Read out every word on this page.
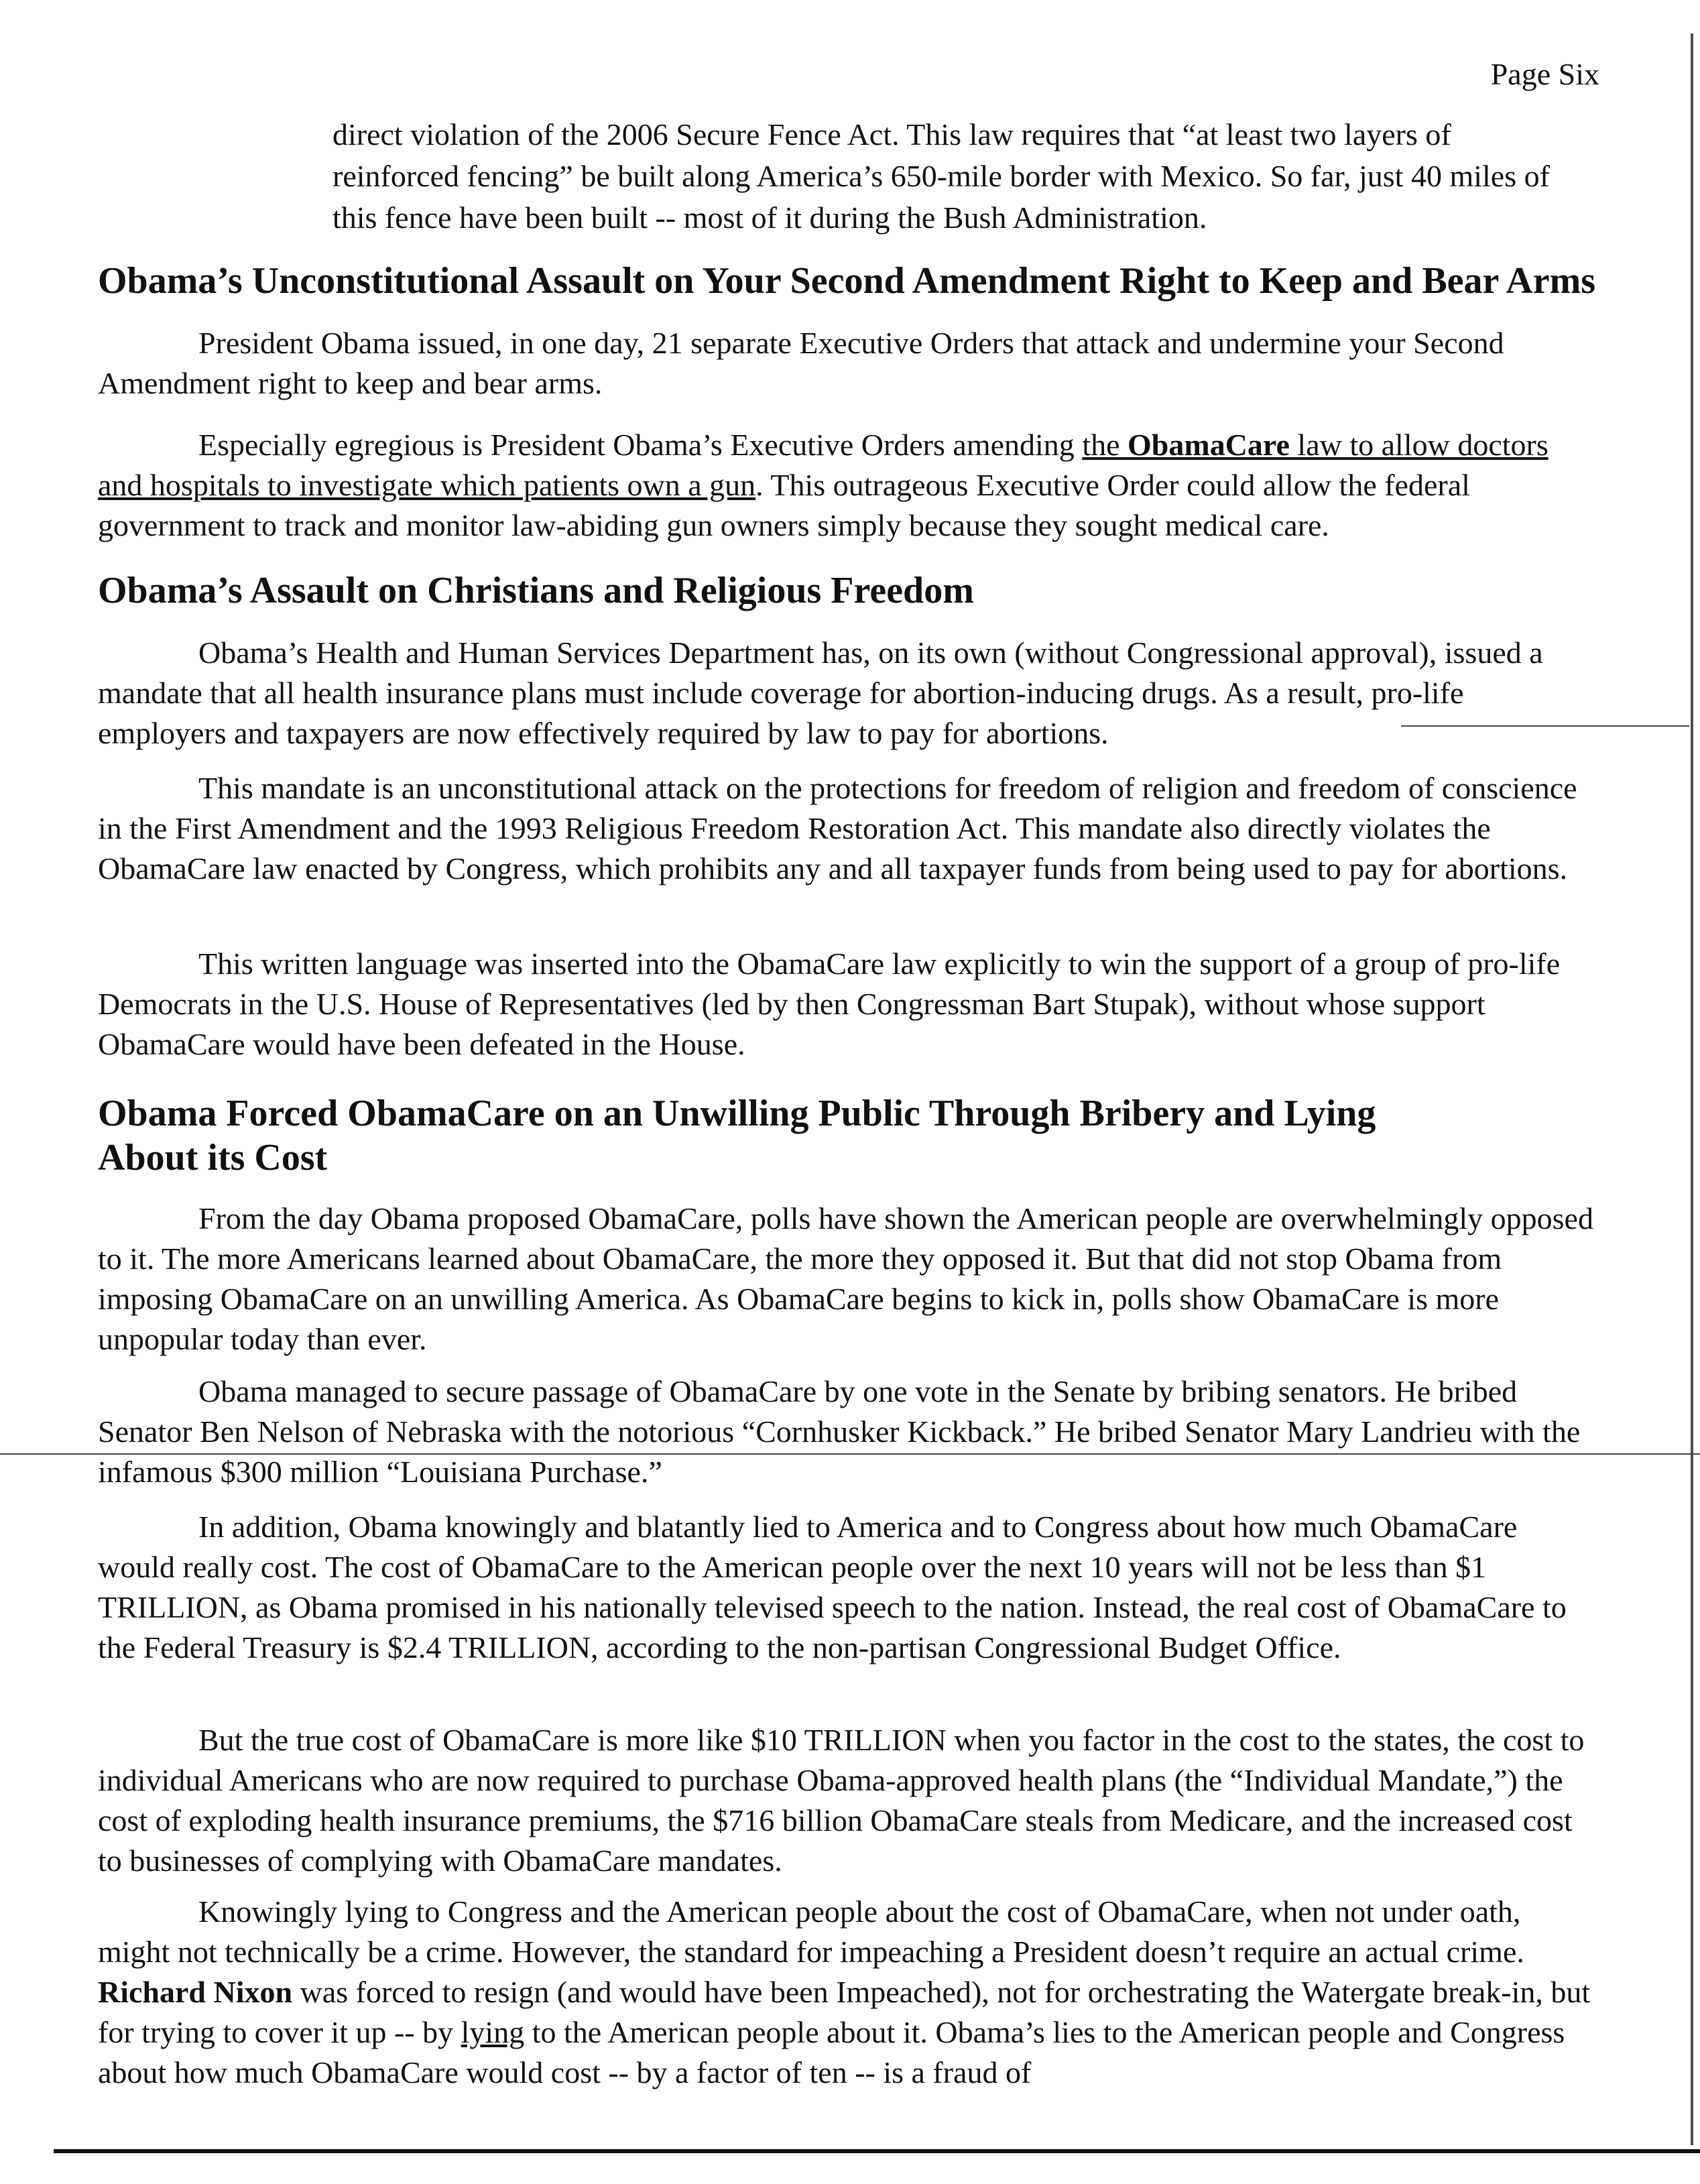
Page Six
direct violation of the 2006 Secure Fence Act. This law requires that “at least two layers of reinforced fencing” be built along America’s 650-mile border with Mexico. So far, just 40 miles of this fence have been built -- most of it during the Bush Administration.
Obama’s Unconstitutional Assault on Your Second Amendment Right to Keep and Bear Arms

President Obama issued, in one day, 21 separate Executive Orders that attack and undermine your Second Amendment right to keep and bear arms.

Especially egregious is President Obama’s Executive Orders amending the ObamaCare law to allow doctors and hospitals to investigate which patients own a gun. This outrageous Executive Order could allow the federal government to track and monitor law-abiding gun owners simply because they sought medical care.

Obama’s Assault on Christians and Religious Freedom

Obama’s Health and Human Services Department has, on its own (without Congressional approval), issued a mandate that all health insurance plans must include coverage for abortion-inducing drugs. As a result, pro-life employers and taxpayers are now effectively required by law to pay for abortions.

This mandate is an unconstitutional attack on the protections for freedom of religion and freedom of conscience in the First Amendment and the 1993 Religious Freedom Restoration Act. This mandate also directly violates the ObamaCare law enacted by Congress, which prohibits any and all taxpayer funds from being used to pay for abortions.

This written language was inserted into the ObamaCare law explicitly to win the support of a group of pro-life Democrats in the U.S. House of Representatives (led by then Congressman Bart Stupak), without whose support ObamaCare would have been defeated in the House.

Obama Forced ObamaCare on an Unwilling Public Through Bribery and Lying
About its Cost

From the day Obama proposed ObamaCare, polls have shown the American people are overwhelmingly opposed to it. The more Americans learned about ObamaCare, the more they opposed it. But that did not stop Obama from imposing ObamaCare on an unwilling America. As ObamaCare begins to kick in, polls show ObamaCare is more unpopular today than ever.

Obama managed to secure passage of ObamaCare by one vote in the Senate by bribing senators. He bribed Senator Ben Nelson of Nebraska with the notorious “Cornhusker Kickback.” He bribed Senator Mary Landrieu with the infamous $300 million “Louisiana Purchase.”

In addition, Obama knowingly and blatantly lied to America and to Congress about how much ObamaCare would really cost. The cost of ObamaCare to the American people over the next 10 years will not be less than $1 TRILLION, as Obama promised in his nationally televised speech to the nation. Instead, the real cost of ObamaCare to the Federal Treasury is $2.4 TRILLION, according to the non-partisan Congressional Budget Office.

But the true cost of ObamaCare is more like $10 TRILLION when you factor in the cost to the states, the cost to individual Americans who are now required to purchase Obama-approved health plans (the “Individual Mandate,”) the cost of exploding health insurance premiums, the $716 billion ObamaCare steals from Medicare, and the increased cost to businesses of complying with ObamaCare mandates.

Knowingly lying to Congress and the American people about the cost of ObamaCare, when not under oath, might not technically be a crime. However, the standard for impeaching a President doesn’t require an actual crime. Richard Nixon was forced to resign (and would have been Impeached), not for orchestrating the Watergate break-in, but for trying to cover it up -- by lying to the American people about it. Obama’s lies to the American people and Congress about how much ObamaCare would cost -- by a factor of ten -- is a fraud of
